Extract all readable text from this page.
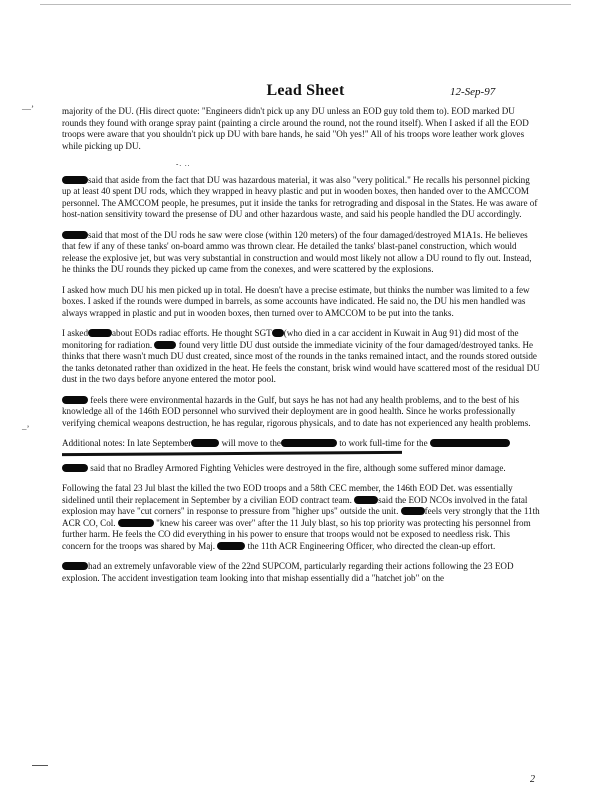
—’
–’
Lead Sheet	12-Sep-97

majority of the DU. (His direct quote: "Engineers didn't pick up any DU unless an EOD guy told them to). EOD marked DU rounds they found with orange spray paint (painting a circle around the round, not the round itself). When I asked if all the EOD troops were aware that you shouldn't pick up DU with bare hands, he said "Oh yes!" All of his troops wore leather work gloves while picking up DU.

-. ..

said that aside from the fact that DU was hazardous material, it was also "very political." He recalls his personnel picking up at least 40 spent DU rods, which they wrapped in heavy plastic and put in wooden boxes, then handed over to the AMCCOM personnel. The AMCCOM people, he presumes, put it inside the tanks for retrograding and disposal in the States. He was aware of host-nation sensitivity toward the presense of DU and other hazardous waste, and said his people handled the DU accordingly.

said that most of the DU rods he saw were close (within 120 meters) of the four damaged/destroyed M1A1s. He believes that few if any of these tanks' on-board ammo was thrown clear. He detailed the tanks' blast-panel construction, which would release the explosive jet, but was very substantial in construction and would most likely not allow a DU round to fly out. Instead, he thinks the DU rounds they picked up came from the conexes, and were scattered by the explosions.

I asked how much DU his men picked up in total. He doesn't have a precise estimate, but thinks the number was limited to a few boxes. I asked if the rounds were dumped in barrels, as some accounts have indicated. He said no, the DU his men handled was always wrapped in plastic and put in wooden boxes, then turned over to AMCCOM to be put into the tanks.

I asked	about EODs radiac efforts. He thought SGT (who died in a car accident in Kuwait in Aug 91) did most of the monitoring for radiation.	found very little DU dust outside the immediate vicinity of the four damaged/destroyed tanks. He thinks that there wasn't much DU dust created, since most of the rounds in the tanks remained intact, and the rounds stored outside the tanks detonated rather than oxidized in the heat. He feels the constant, brisk wind would have scattered most of the residual DU dust in the two days before anyone entered the motor pool.

feels there were environmental hazards in the Gulf, but says he has not had any health problems, and to the best of his knowledge all of the 146th EOD personnel who survived their deployment are in good health. Since he works professionally verifying chemical weapons destruction, he has regular, rigorous physicals, and to date has not experienced any health problems.

Additional notes: In late September	will move to the	to work full-time for the

said that no Bradley Armored Fighting Vehicles were destroyed in the fire, although some suffered minor damage.

Following the fatal 23 Jul blast the killed the two EOD troops and a 58th CEC member, the 146th EOD Det. was essentially sidelined until their replacement in September by a civilian EOD contract team.	said the EOD NCOs involved in the fatal explosion may have "cut corners" in response to pressure from "higher ups" outside the unit.	feels very strongly that the 11th ACR CO, Col.	"knew his career was over" after the 11 July blast, so his top priority was protecting his personnel from further harm. He feels the CO did everything in his power to ensure that troops would not be exposed to needless risk. This concern for the troops was shared by Maj.	the 11th ACR Engineering Officer, who directed the clean-up effort.

had an extremely unfavorable view of the 22nd SUPCOM, particularly regarding their actions following the 23 EOD explosion. The accident investigation team looking into that mishap essentially did a "hatchet job" on the

2
